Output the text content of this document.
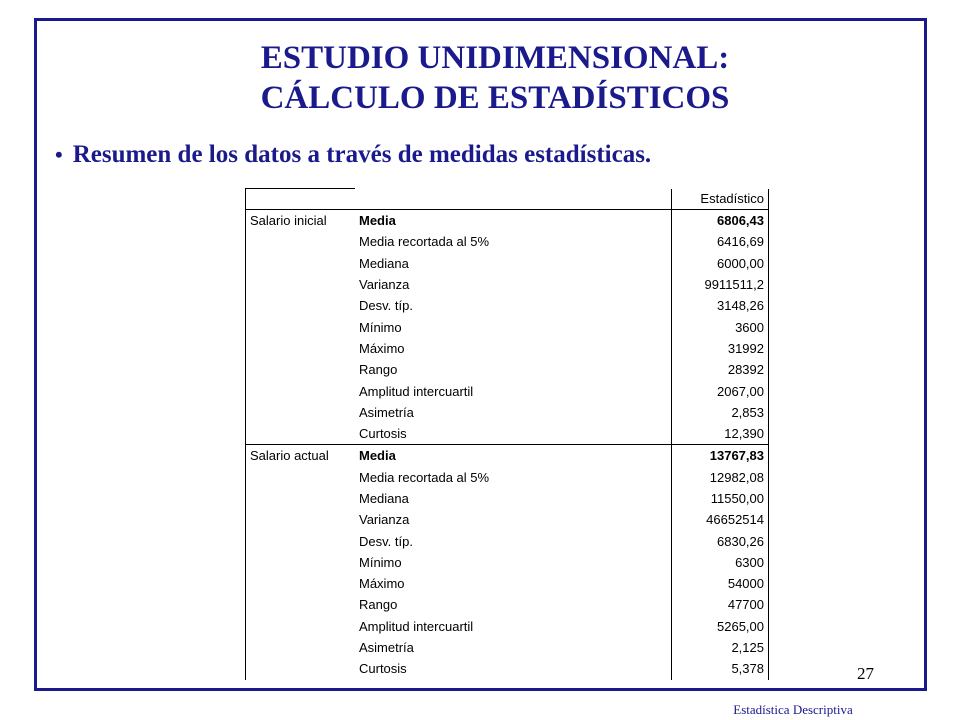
ESTUDIO UNIDIMENSIONAL:
CÁLCULO DE ESTADÍSTICOS
• Resumen de los datos a través de medidas estadísticas.
		Estadístico
Salario inicial	Media	6806,43
	Media recortada al 5%	6416,69
	Mediana	6000,00
	Varianza	9911511,2
	Desv. típ.	3148,26
	Mínimo	3600
	Máximo	31992
	Rango	28392
	Amplitud intercuartil	2067,00
	Asimetría	2,853
	Curtosis	12,390
Salario actual	Media	13767,83
	Media recortada al 5%	12982,08
	Mediana	11550,00
	Varianza	46652514
	Desv. típ.	6830,26
	Mínimo	6300
	Máximo	54000
	Rango	47700
	Amplitud intercuartil	5265,00
	Asimetría	2,125
	Curtosis	5,378	27
Estadística Descriptiva
